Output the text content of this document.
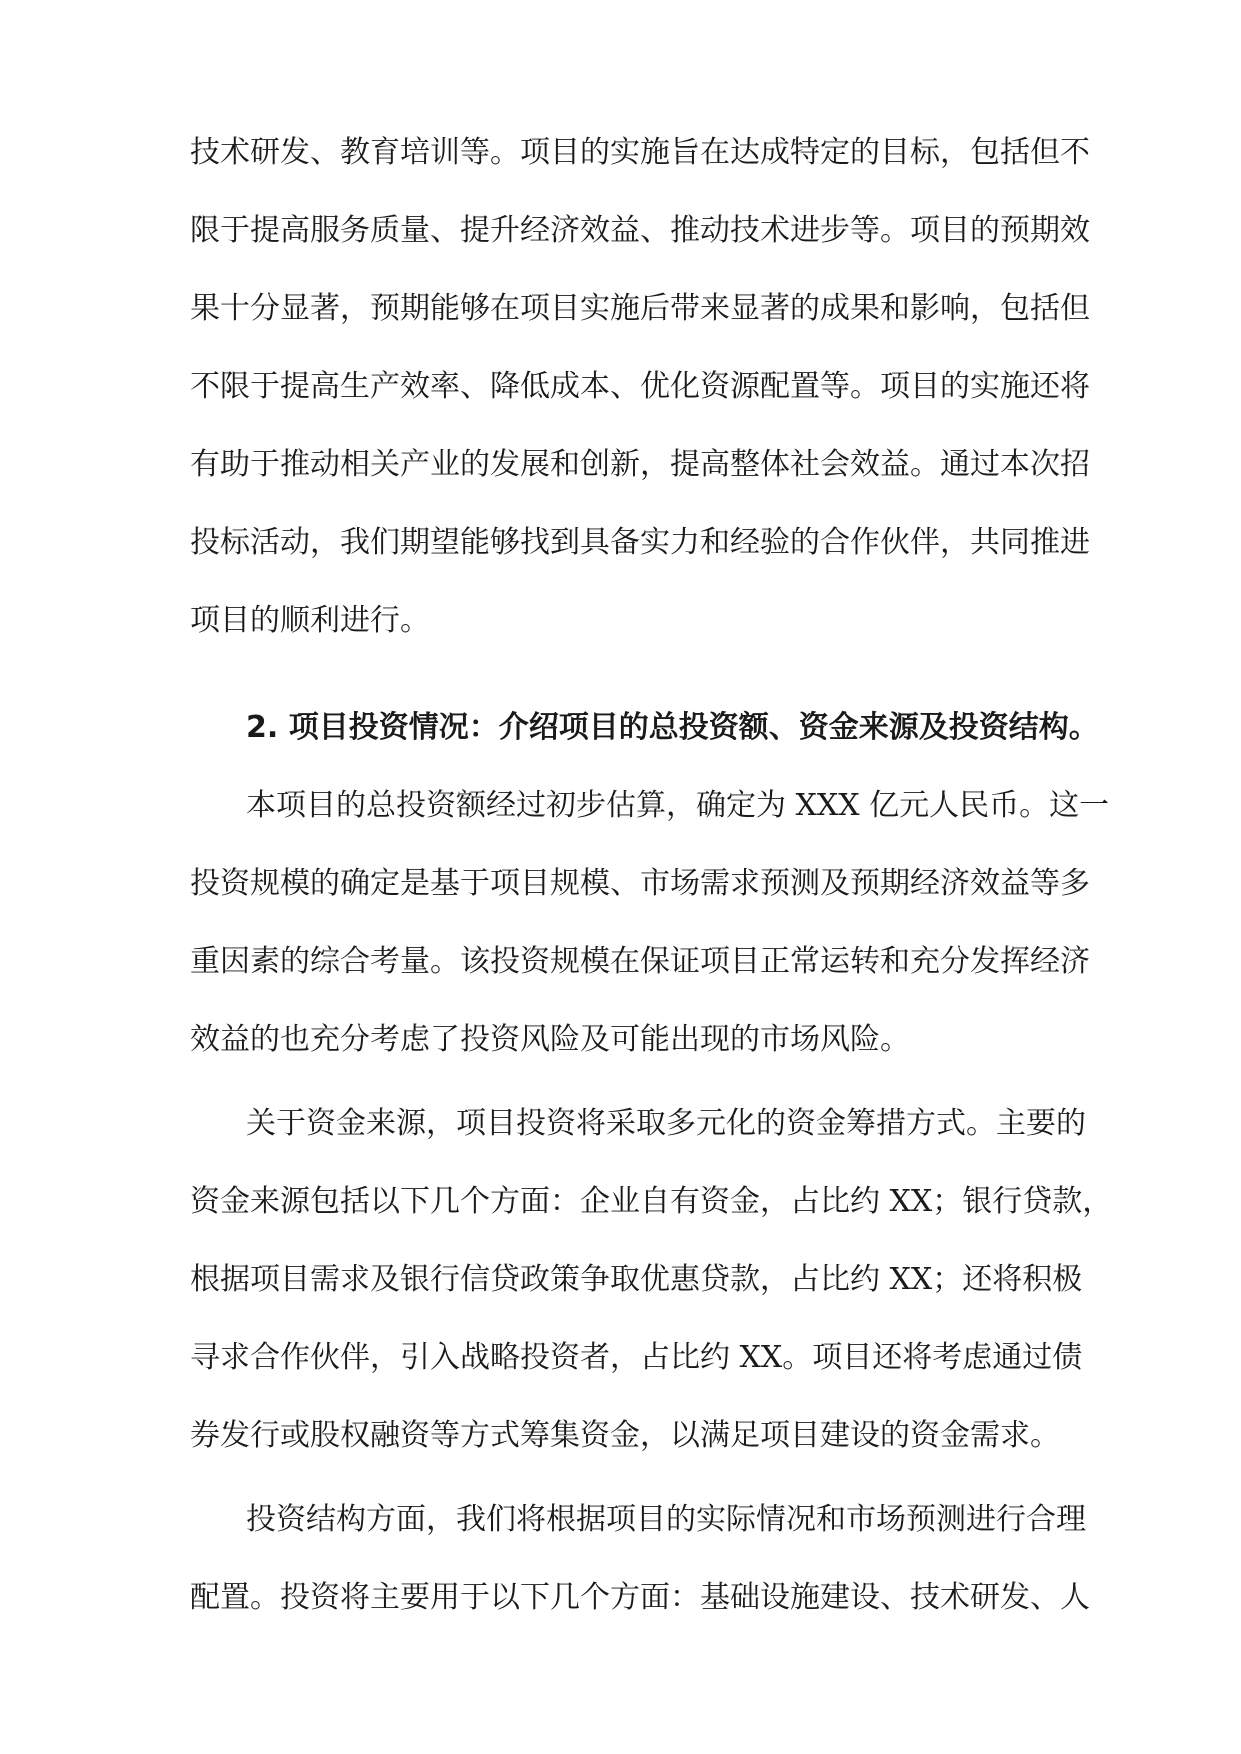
技术研发、教育培训等。项目的实施旨在达成特定的目标，包括但不
限于提高服务质量、提升经济效益、推动技术进步等。项目的预期效
果十分显著，预期能够在项目实施后带来显著的成果和影响，包括但
不限于提高生产效率、降低成本、优化资源配置等。项目的实施还将
有助于推动相关产业的发展和创新，提高整体社会效益。通过本次招
投标活动，我们期望能够找到具备实力和经验的合作伙伴，共同推进
项目的顺利进行。
2. 项目投资情况：介绍项目的总投资额、资金来源及投资结构。
本项目的总投资额经过初步估算，确定为 XXX 亿元人民币。这一
投资规模的确定是基于项目规模、市场需求预测及预期经济效益等多
重因素的综合考量。该投资规模在保证项目正常运转和充分发挥经济
效益的也充分考虑了投资风险及可能出现的市场风险。
关于资金来源，项目投资将采取多元化的资金筹措方式。主要的
资金来源包括以下几个方面：企业自有资金，占比约 XX；银行贷款，
根据项目需求及银行信贷政策争取优惠贷款，占比约 XX；还将积极
寻求合作伙伴，引入战略投资者，占比约 XX。项目还将考虑通过债
券发行或股权融资等方式筹集资金，以满足项目建设的资金需求。
投资结构方面，我们将根据项目的实际情况和市场预测进行合理
配置。投资将主要用于以下几个方面：基础设施建设、技术研发、人
